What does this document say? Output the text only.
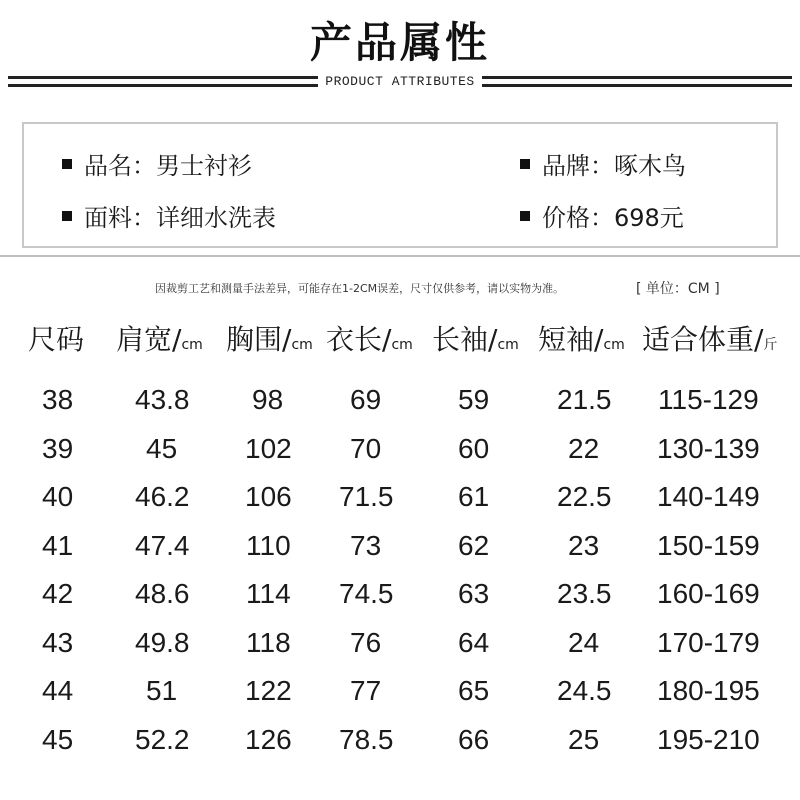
产品属性
PRODUCT ATTRIBUTES
品名： 男士衬衫	品牌： 啄木鸟
面料： 详细水洗表	价格： 698元
因裁剪工艺和测量手法差异，可能存在1-2CM误差，尺寸仅供参考，请以实物为准。	[ 单位：CM ]
尺码 肩宽/cm 胸围/cm 衣长/cm 长袖/cm 短袖/cm 适合体重/斤
38 43.8 98 69	59 21.5 115-129
39	45 102 70	60	22 130-139
40 46.2 106 71.5 61 22.5 140-149
41 47.4 110 73	62	23 150-159
42 48.6 114 74.5 63 23.5 160-169
43 49.8 118 76	64	24 170-179
44	51 122 77	65 24.5 180-195
45 52.2 126 78.5 66	25 195-210
